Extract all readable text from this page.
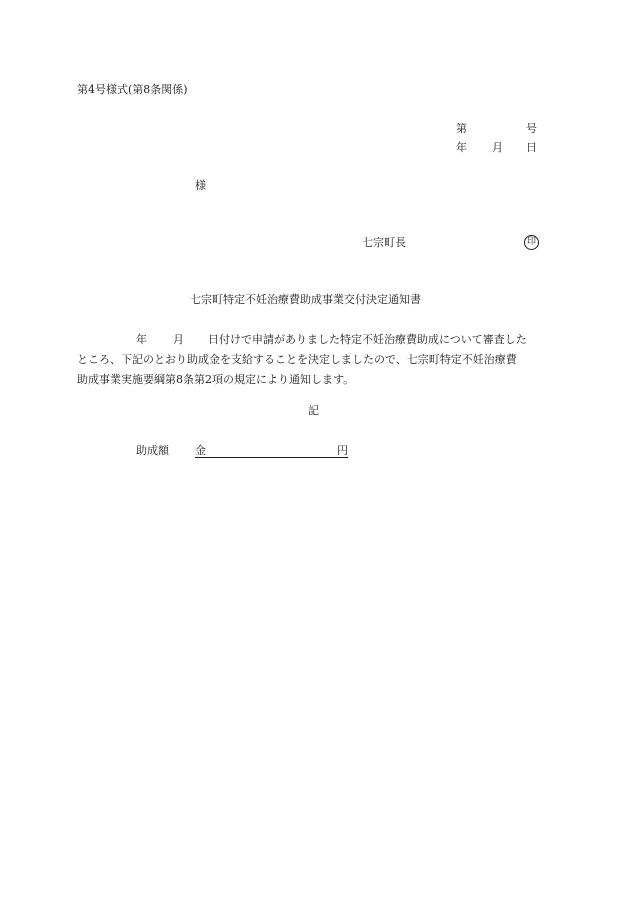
第4号様式(第8条関係)
第	号
年 月 日
様
七宗町長	印
七宗町特定不妊治療費助成事業交付決定通知書
年 月 日付けで申請がありました特定不妊治療費助成について審査した
ところ、下記のとおり助成金を支給することを決定しましたので、七宗町特定不妊治療費
助成事業実施要綱第8条第2項の規定により通知します。
記
助成額 金	円
